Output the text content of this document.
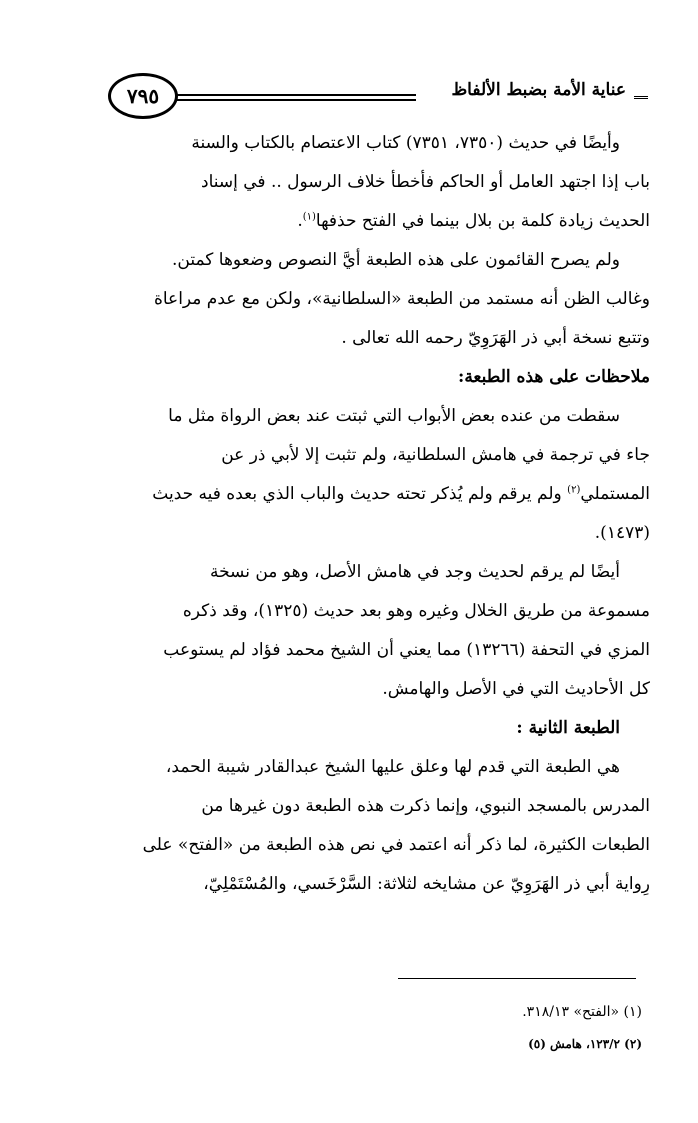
عناية الأمة بضبط الألفاظ
٧٩٥
وأيضًا في حديث (٧٣٥٠، ٧٣٥١) كتاب الاعتصام بالكتاب والسنة
باب إذا اجتهد العامل أو الحاكم فأخطأ خلاف الرسول .. في إسناد
الحديث زيادة كلمة بن بلال بينما في الفتح حذفها$^{(١)}$.
ولم يصرح القائمون على هذه الطبعة أيَّ النصوص وضعوها كمتن.
وغالب الظن أنه مستمد من الطبعة «السلطانية»، ولكن مع عدم مراعاة
وتتبع نسخة أبي ذر الهَرَوِيّ رحمه الله تعالى .
ملاحظات على هذه الطبعة:
سقطت من عنده بعض الأبواب التي ثبتت عند بعض الرواة مثل ما
جاء في ترجمة في هامش السلطانية، ولم تثبت إلا لأبي ذر عن
المستملي$^{(٢)}$ ولم يرقم ولم يُذكر تحته حديث والباب الذي بعده فيه حديث
(١٤٧٣).
أيضًا لم يرقم لحديث وجد في هامش الأصل، وهو من نسخة
مسموعة من طريق الخلال وغيره وهو بعد حديث (١٣٢٥)، وقد ذكره
المزي في التحفة (١٣٢٦٦) مما يعني أن الشيخ محمد فؤاد لم يستوعب
كل الأحاديث التي في الأصل والهامش.
الطبعة الثانية :
هي الطبعة التي قدم لها وعلق عليها الشيخ عبدالقادر شيبة الحمد،
المدرس بالمسجد النبوي، وإنما ذكرت هذه الطبعة دون غيرها من
الطبعات الكثيرة، لما ذكر أنه اعتمد في نص هذه الطبعة من «الفتح» على
رِواية أبي ذر الهَرَوِيّ عن مشايخه لثلاثة: السَّرْخَسي، والمُسْتَمْلِيّ،
(١) «الفتح» ٣١٨/١٣.
(٢) ١٢٣/٢، هامش (٥)
